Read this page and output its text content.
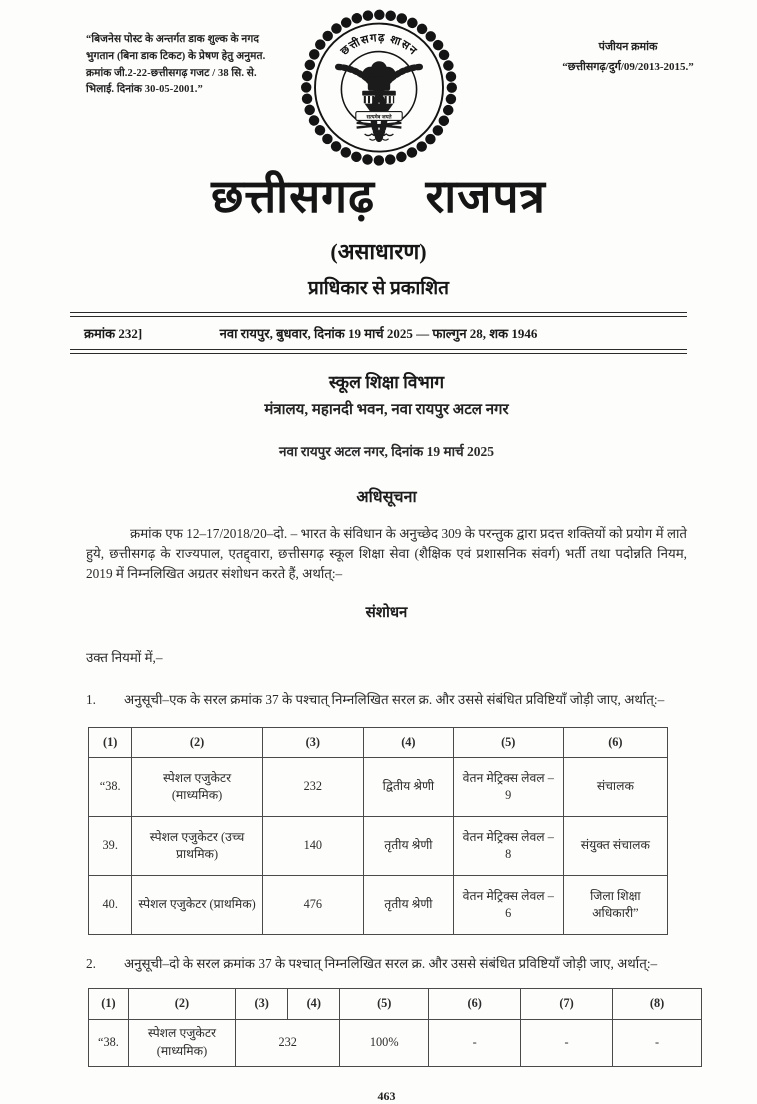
“बिजनेस पोस्ट के अन्तर्गत डाक शुल्क के नगद भुगतान (बिना डाक टिकट) के प्रेषण हेतु अनुमत. क्रमांक जी.2-22-छत्तीसगढ़ गजट / 38 सि. से. भिलाई. दिनांक 30-05-2001.”
छत्तीसगढ़ शासन
सत्यमेव जयते
पंजीयन क्रमांक
“छत्तीसगढ़/दुर्ग/09/2013-2015.”
छत्तीसगढ़ राजपत्र
(असाधारण)
प्राधिकार से प्रकाशित
क्रमांक 232]	नवा रायपुर, बुधवार, दिनांक 19 मार्च 2025 — फाल्गुन 28, शक 1946
स्कूल शिक्षा विभाग
मंत्रालय, महानदी भवन, नवा रायपुर अटल नगर
नवा रायपुर अटल नगर, दिनांक 19 मार्च 2025
अधिसूचना
क्रमांक एफ 12–17/2018/20–दो. – भारत के संविधान के अनुच्छेद 309 के परन्तुक द्वारा प्रदत्त शक्तियों को प्रयोग में लाते हुये, छत्तीसगढ़ के राज्यपाल, एतद्द्वारा, छत्तीसगढ़ स्कूल शिक्षा सेवा (शैक्षिक एवं प्रशासनिक संवर्ग) भर्ती तथा पदोन्नति नियम, 2019 में निम्नलिखित अग्रतर संशोधन करते हैं, अर्थात्:–
संशोधन
उक्त नियमों में,–
1.	अनुसूची–एक के सरल क्रमांक 37 के पश्चात् निम्नलिखित सरल क्र. और उससे संबंधित प्रविष्टियाँ जोड़ी जाए, अर्थात्:–
(1)	(2)	(3)	(4)	(5)	(6)
“38.	स्पेशल एजुकेटर (माध्यमिक)	232	द्वितीय श्रेणी	वेतन मेट्रिक्स लेवल – 9	संचालक
39.	स्पेशल एजुकेटर (उच्च प्राथमिक)	140	तृतीय श्रेणी	वेतन मेट्रिक्स लेवल – 8	संयुक्त संचालक
40.	स्पेशल एजुकेटर (प्राथमिक)	476	तृतीय श्रेणी	वेतन मेट्रिक्स लेवल – 6	जिला शिक्षा अधिकारी”
2.	अनुसूची–दो के सरल क्रमांक 37 के पश्चात् निम्नलिखित सरल क्र. और उससे संबंधित प्रविष्टियाँ जोड़ी जाए, अर्थात्:–
(1)	(2)	(3)	(4)	(5)	(6)	(7)	(8)
“38.	स्पेशल एजुकेटर (माध्यमिक)	232		100%	-	-	-
463
